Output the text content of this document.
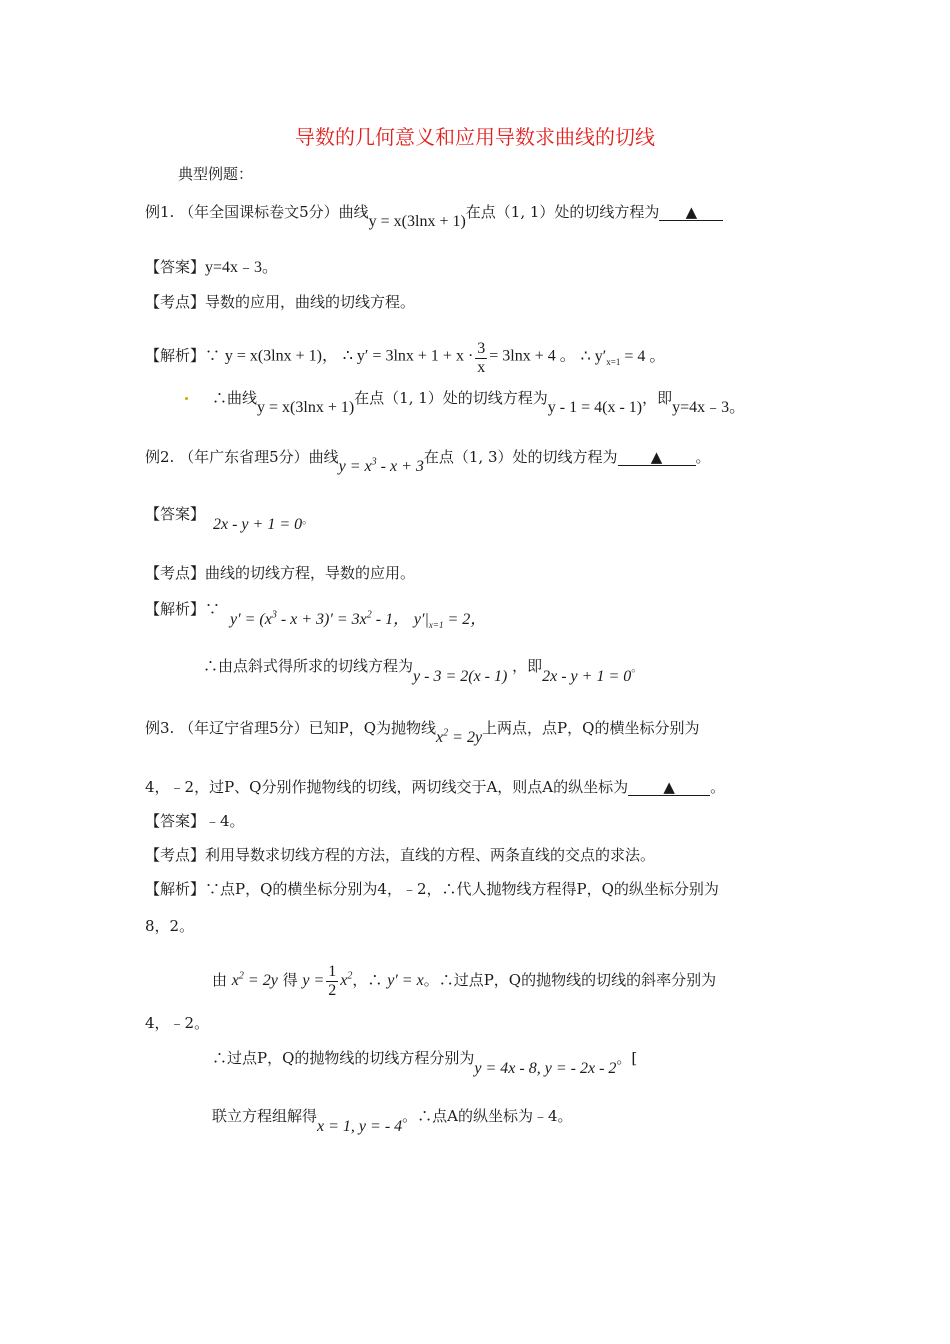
导数的几何意义和应用导数求曲线的切线
典型例题：
例1. （年全国课标卷文5分）曲线y = x(3lnx + 1)在点（1, 1）处的切线方程为 ▲
【答案】y=4x﹣3。
【考点】导数的应用，曲线的切线方程。
【解析】∵ y = x(3lnx + 1)， ∴ $y' = 3\ln x + 1 + x \cdot \frac{3}{x} = 3\ln x + 4$ 。 ∴ $y'_{x=1} = 4$ 。
∴曲线y = x(3lnx + 1)在点（1, 1）处的切线方程为y - 1 = 4(x - 1)，即y=4x﹣3。
例2. （年广东省理5分）曲线$y = x^3 - x + 3$在点（1, 3）处的切线方程为 ▲ 。
【答案】
2x - y + 1 = 0。
【考点】曲线的切线方程，导数的应用。
【解析】∵
$y' = (x^3 - x + 3)' = 3x^2 - 1$， $y'|_{x=1} = 2$，
∴由点斜式得所求的切线方程为y - 3 = 2(x - 1) ，即2x - y + 1 = 0。
例3. （年辽宁省理5分）已知P，Q为抛物线$x^2 = 2y$上两点，点P，Q的横坐标分别为
4，﹣2，过P、Q分别作抛物线的切线，两切线交于A，则点A的纵坐标为 ▲ 。
【答案】﹣4。
【考点】利用导数求切线方程的方法，直线的方程、两条直线的交点的求法。
【解析】∵点P，Q的横坐标分别为4，﹣2，∴代人抛物线方程得P，Q的纵坐标分别为
8，2。
由 $x^2 = 2y$ 得 $y = \frac{1}{2} x^2$，∴ y′ = x。∴过点P，Q的抛物线的切线的斜率分别为
4，﹣2。
∴过点P，Q的抛物线的切线方程分别为y = 4x - 8, y = - 2x - 2。[
联立方程组解得x = 1, y = - 4。∴点A的纵坐标为﹣4。
